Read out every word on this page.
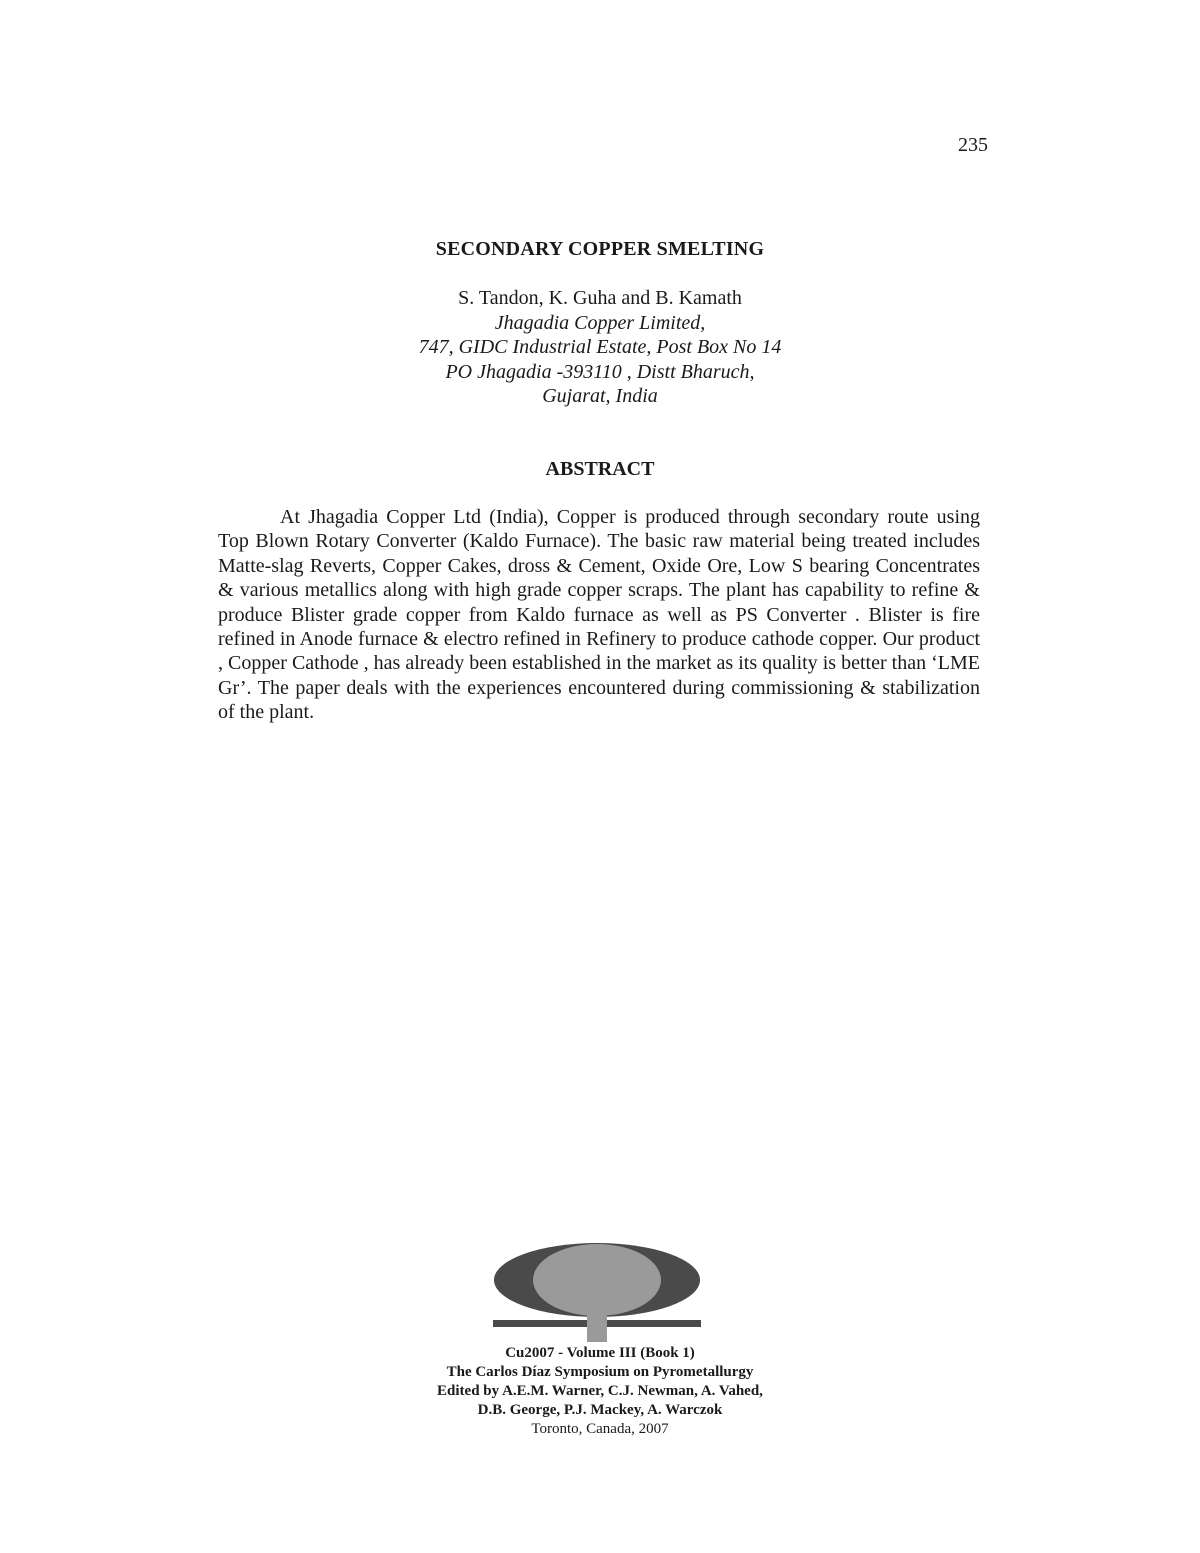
235
SECONDARY COPPER SMELTING
S. Tandon, K. Guha and B. Kamath
Jhagadia Copper Limited,
747, GIDC Industrial Estate, Post Box No 14
PO Jhagadia -393110 , Distt Bharuch,
Gujarat, India
ABSTRACT
At Jhagadia Copper Ltd (India), Copper is produced through secondary route using Top Blown Rotary Converter (Kaldo Furnace). The basic raw material being treated includes Matte-slag Reverts, Copper Cakes, dross & Cement, Oxide Ore, Low S bearing Concentrates & various metallics along with high grade copper scraps. The plant has capability to refine & produce Blister grade copper from Kaldo furnace as well as PS Converter . Blister is fire refined in Anode furnace & electro refined in Refinery to produce cathode copper. Our product , Copper Cathode , has already been established in the market as its quality is better than ‘LME Gr’. The paper deals with the experiences encountered during commissioning & stabilization of the plant.
Cu2007 - Volume III (Book 1)
The Carlos Díaz Symposium on Pyrometallurgy
Edited by A.E.M. Warner, C.J. Newman, A. Vahed,
D.B. George, P.J. Mackey, A. Warczok
Toronto, Canada, 2007
